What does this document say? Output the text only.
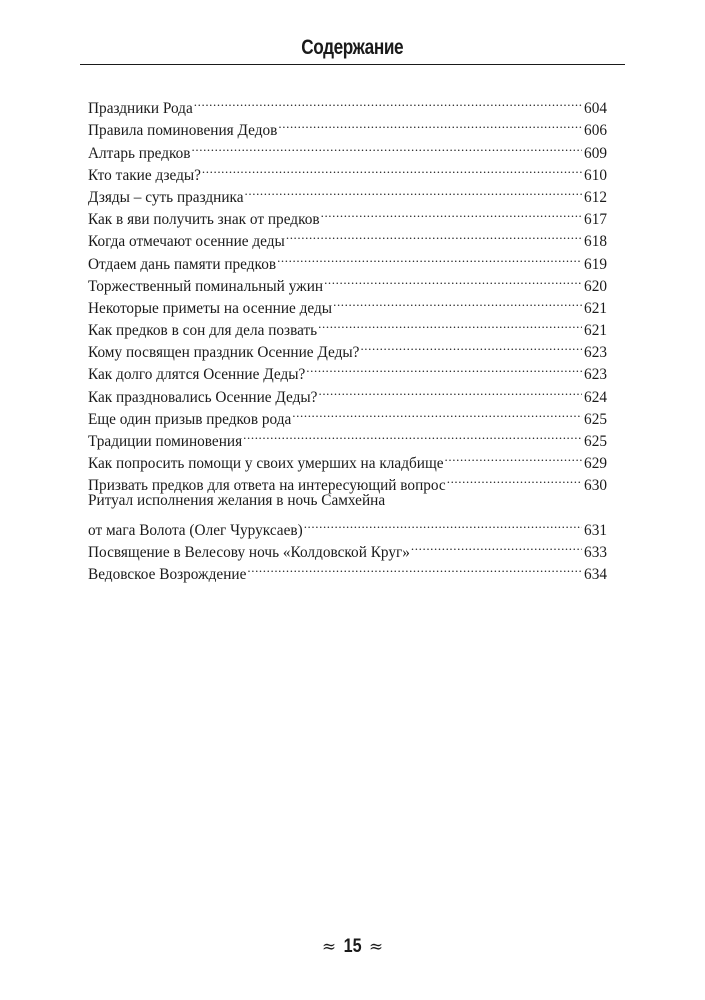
Содержание
Праздники Рода .....	604
Правила поминовения Дедов .....	606
Алтарь предков .....	609
Кто такие дзеды? .....	610
Дзяды – суть праздника .....	612
Как в яви получить знак от предков .....	617
Когда отмечают осенние деды .....	618
Отдаем дань памяти предков .....	619
Торжественный поминальный ужин .....	620
Некоторые приметы на осенние деды .....	621
Как предков в сон для дела позвать .....	621
Кому посвящен праздник Осенние Деды? .....	623
Как долго длятся Осенние Деды? .....	623
Как праздновались Осенние Деды? .....	624
Еще один призыв предков рода .....	625
Традиции поминовения .....	625
Как попросить помощи у своих умерших на кладбище .....	629
Призвать предков для ответа на интересующий вопрос .....	630
Ритуал исполнения желания в ночь Самхейна
от мага Волота (Олег Чуруксаев) .....	631
Посвящение в Велесову ночь «Колдовской Круг» .....	633
Ведовское Возрождение .....	634
≈ 15 ≈
